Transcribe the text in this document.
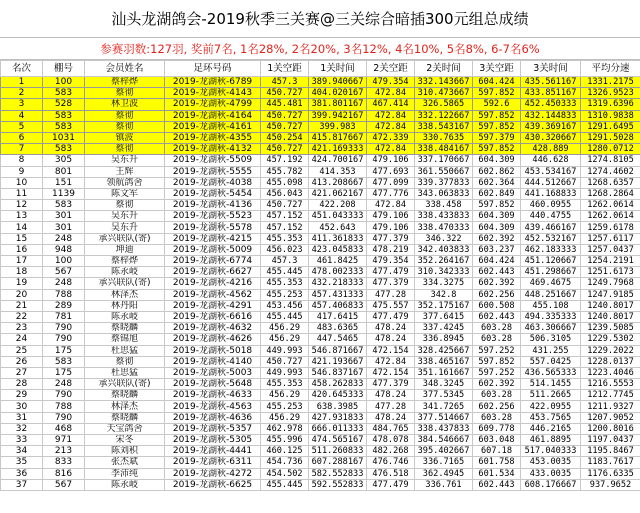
汕头龙湖鸽会-2019秋季三关赛@三关综合暗插300元组总成绩
参赛羽数:127羽, 奖前7名, 1名28%, 2名20%, 3名12%, 4名10%, 5名8%, 6-7名6%
名次	棚号	会员姓名	足环号码	1关空距	1关时间	2关空距	2关时间	3关空距	3关时间	平均分速
1	100	蔡梓烨	2019-龙湖秋-6789	457.3	389.940667	479.354	332.143667	604.424	435.561167	1331.2175
2	583	蔡彻	2019-龙湖秋-4143	450.727	404.020167	472.84	310.473667	597.852	433.851167	1326.9523
3	528	林卫波	2019-龙湖秋-4799	445.481	381.801167	467.414	326.5865	592.6	452.450333	1319.6396
4	583	蔡彻	2019-龙湖秋-4164	450.727	399.942167	472.84	332.122667	597.852	432.144833	1310.9838
5	583	蔡彻	2019-龙湖秋-4161	450.727	399.983	472.84	338.543167	597.852	439.369167	1291.6495
6	1031	镇波	2019-龙湖秋-4355	450.254	415.817667	472.339	330.7635	597.379	430.320667	1291.5028
7	583	蔡彻	2019-龙湖秋-4132	450.727	421.169333	472.84	338.484167	597.852	428.889	1280.0712
8	305	吴东升	2019-龙湖秋-5509	457.192	424.700167	479.106	337.170667	604.309	446.628	1274.8105
9	801	王辉	2019-龙湖秋-5555	455.782	414.353	477.693	361.550667	602.862	453.534167	1274.4602
10	151	领航鸽舍	2019-龙湖秋-4038	455.098	413.208667	477.099	339.377833	602.364	444.512667	1268.6357
11	1139	陈文军	2019-龙湖秋-5454	456.043	421.062167	477.776	343.063833	602.849	441.168833	1268.2864
12	583	蔡彻	2019-龙湖秋-4136	450.727	422.208	472.84	338.458	597.852	460.0955	1262.0614
13	301	吴东升	2019-龙湖秋-5523	457.152	451.043333	479.106	338.433833	604.309	440.4755	1262.0614
14	301	吴东升	2019-龙湖秋-5578	457.152	452.643	479.106	338.470333	604.309	439.466167	1259.6178
15	248	承兴联队(寄)	2019-龙湖秋-4215	455.353	411.361833	477.379	346.322	602.392	452.532167	1257.6117
16	948	坤迪	2019-龙湖秋-5009	456.023	423.045833	478.219	342.403833	603.237	462.183333	1257.0437
17	100	蔡梓烨	2019-龙湖秋-6774	457.3	461.8425	479.354	352.264167	604.424	451.120667	1254.2191
18	567	陈永岐	2019-龙湖秋-6627	455.445	478.002333	477.479	310.342333	602.443	451.298667	1251.6173
19	248	承兴联队(寄)	2019-龙湖秋-4216	455.353	432.218333	477.379	334.3275	602.392	469.4675	1249.7968
20	788	林泽杰	2019-龙湖秋-4562	455.253	457.431333	477.28	342.8	602.256	448.251667	1247.9185
21	289	林丹阳	2019-龙湖秋-4291	453.456	457.406833	475.557	352.175167	600.508	455.108	1240.8017
22	781	陈永岐	2019-龙湖秋-6616	455.445	417.6415	477.479	377.6415	602.443	494.335333	1240.8017
23	790	蔡晓麟	2019-龙湖秋-4632	456.29	483.6365	478.24	337.4245	603.28	463.306667	1239.5085
24	790	蔡锦旭	2019-龙湖秋-4626	456.29	447.5465	478.24	336.8945	603.28	506.3105	1229.5302
25	175	杜思猛	2019-龙湖秋-5018	449.993	546.871667	472.154	328.425667	597.252	431.255	1229.2022
26	583	蔡彻	2019-龙湖秋-4140	450.727	421.193667	472.84	338.465167	597.852	557.0425	1228.0137
27	175	杜思猛	2019-龙湖秋-5003	449.993	546.837167	472.154	351.161667	597.252	436.565333	1223.4046
28	248	承兴联队(寄)	2019-龙湖秋-5648	455.353	458.262833	477.379	348.3245	602.392	514.1455	1216.5553
29	790	蔡晓麟	2019-龙湖秋-4633	456.29	420.645333	478.24	377.5345	603.28	511.2665	1212.7745
30	788	林泽杰	2019-龙湖秋-4563	455.253	638.3985	477.28	341.7265	602.256	422.0955	1211.9327
31	790	蔡晓麟	2019-龙湖秋-4636	456.29	427.931833	478.24	377.514667	603.28	453.7565	1207.9052
32	468	天宝鸽舍	2019-龙湖秋-5357	462.978	666.011333	484.765	338.437833	609.778	446.2165	1200.8016
33	971	宋冬	2019-龙湖秋-5305	455.996	474.565167	478.078	384.546667	603.048	461.8895	1197.0437
34	213	陈刘积	2019-龙湖秋-4441	460.125	511.260833	482.268	395.402667	607.18	517.040333	1195.8467
35	833	张杰斌	2019-龙湖秋-6311	454.736	607.288167	476.746	336.7165	601.758	453.0035	1183.7617
36	816	李沛纯	2019-龙湖秋-4272	454.502	582.552833	476.518	362.4945	601.534	433.0035	1176.6335
37	567	陈永岐	2019-龙湖秋-6625	455.445	592.552833	477.479	336.761	602.443	608.176667	937.9652
